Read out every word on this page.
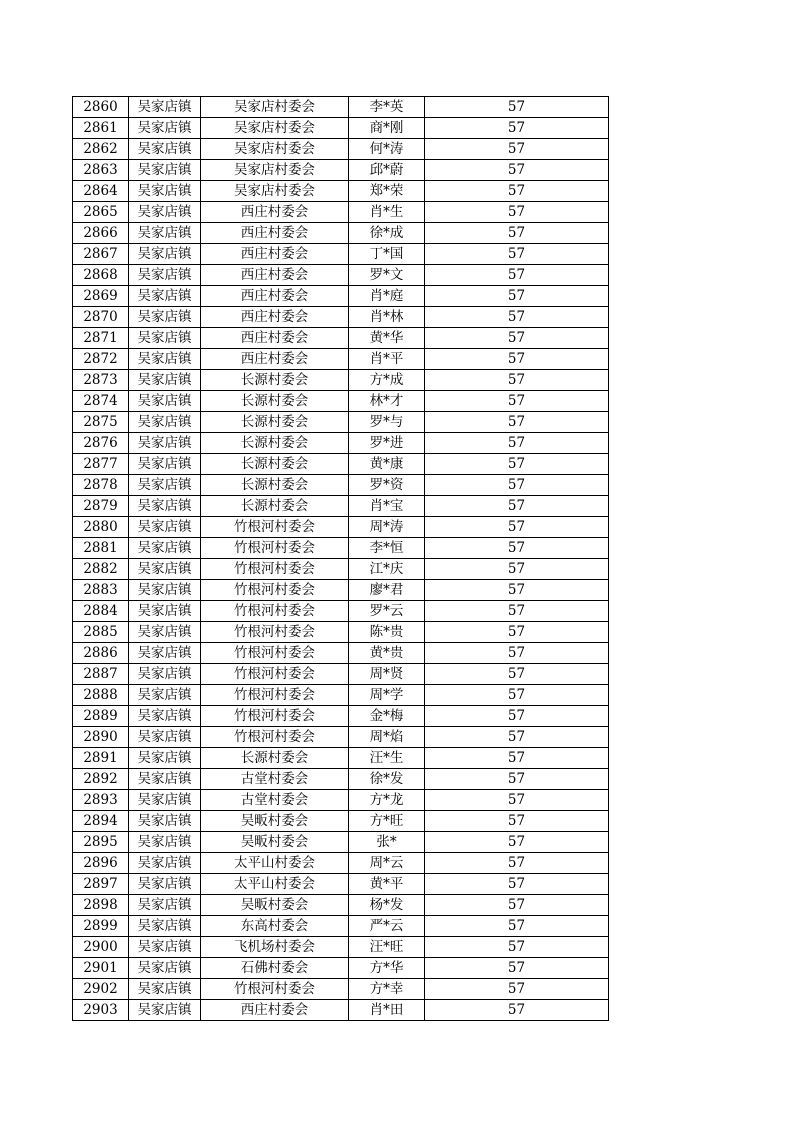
2860	吴家店镇	吴家店村委会	李*英	57
2861	吴家店镇	吴家店村委会	商*刚	57
2862	吴家店镇	吴家店村委会	何*涛	57
2863	吴家店镇	吴家店村委会	邱*蔚	57
2864	吴家店镇	吴家店村委会	郑*荣	57
2865	吴家店镇	西庄村委会	肖*生	57
2866	吴家店镇	西庄村委会	徐*成	57
2867	吴家店镇	西庄村委会	丁*国	57
2868	吴家店镇	西庄村委会	罗*文	57
2869	吴家店镇	西庄村委会	肖*庭	57
2870	吴家店镇	西庄村委会	肖*林	57
2871	吴家店镇	西庄村委会	黄*华	57
2872	吴家店镇	西庄村委会	肖*平	57
2873	吴家店镇	长源村委会	方*成	57
2874	吴家店镇	长源村委会	林*才	57
2875	吴家店镇	长源村委会	罗*与	57
2876	吴家店镇	长源村委会	罗*进	57
2877	吴家店镇	长源村委会	黄*康	57
2878	吴家店镇	长源村委会	罗*资	57
2879	吴家店镇	长源村委会	肖*宝	57
2880	吴家店镇	竹根河村委会	周*涛	57
2881	吴家店镇	竹根河村委会	李*恒	57
2882	吴家店镇	竹根河村委会	江*庆	57
2883	吴家店镇	竹根河村委会	廖*君	57
2884	吴家店镇	竹根河村委会	罗*云	57
2885	吴家店镇	竹根河村委会	陈*贵	57
2886	吴家店镇	竹根河村委会	黄*贵	57
2887	吴家店镇	竹根河村委会	周*贤	57
2888	吴家店镇	竹根河村委会	周*学	57
2889	吴家店镇	竹根河村委会	金*梅	57
2890	吴家店镇	竹根河村委会	周*焰	57
2891	吴家店镇	长源村委会	汪*生	57
2892	吴家店镇	古堂村委会	徐*发	57
2893	吴家店镇	古堂村委会	方*龙	57
2894	吴家店镇	吴畈村委会	方*旺	57
2895	吴家店镇	吴畈村委会	张*	57
2896	吴家店镇	太平山村委会	周*云	57
2897	吴家店镇	太平山村委会	黄*平	57
2898	吴家店镇	吴畈村委会	杨*发	57
2899	吴家店镇	东高村委会	严*云	57
2900	吴家店镇	飞机场村委会	汪*旺	57
2901	吴家店镇	石佛村委会	方*华	57
2902	吴家店镇	竹根河村委会	方*幸	57
2903	吴家店镇	西庄村委会	肖*田	57
